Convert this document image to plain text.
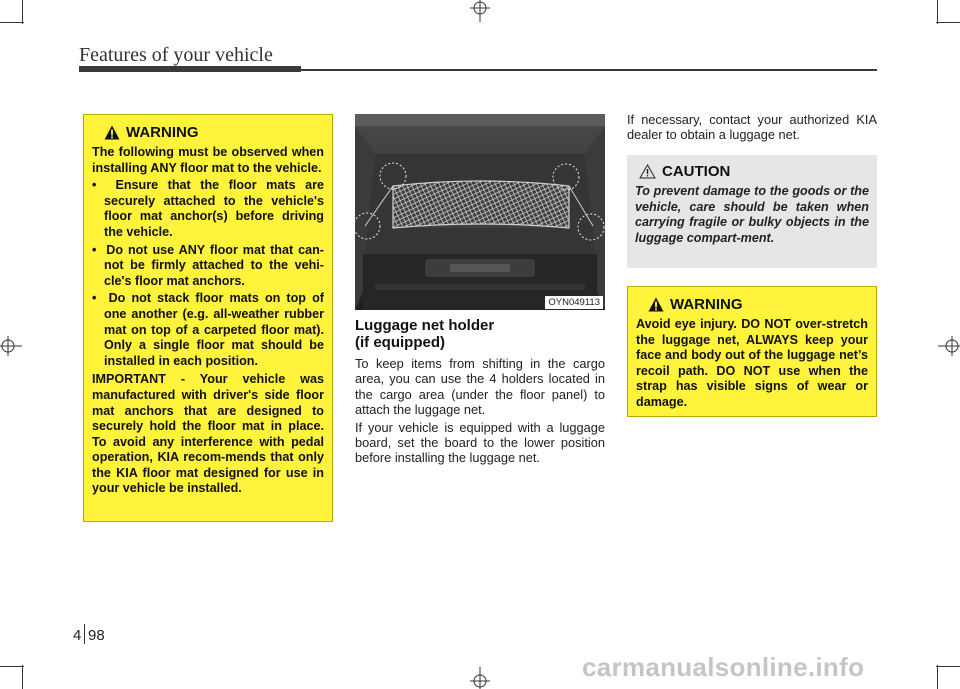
Features of your vehicle
WARNING
The following must be observed when installing ANY floor mat to the vehicle.
•  Ensure that the floor mats are securely attached to the vehicle's floor mat anchor(s) before driving the vehicle.
•  Do not use ANY floor mat that can-not be firmly attached to the vehi-cle's floor mat anchors.
•  Do not stack floor mats on top of one another (e.g. all-weather rubber mat on top of a carpeted floor mat). Only a single floor mat should be installed in each position.
IMPORTANT - Your vehicle was manufactured with driver's side floor mat anchors that are designed to securely hold the floor mat in place. To avoid any interference with pedal operation, KIA recom-mends that only the KIA floor mat designed for use in your vehicle be installed.
OYN049113
Luggage net holder
(if equipped)
To keep items from shifting in the cargo area, you can use the 4 holders located in the cargo area (under the floor panel) to attach the luggage net.
If your vehicle is equipped with a luggage board, set the board to the lower position before installing the luggage net.
If necessary, contact your authorized KIA dealer to obtain a luggage net.
CAUTION
To prevent damage to the goods or the vehicle, care should be taken when carrying fragile or bulky objects in the luggage compart-ment.
WARNING
Avoid eye injury. DO NOT over-stretch the luggage net, ALWAYS keep your face and body out of the luggage net’s recoil path. DO NOT use when the strap has visible signs of wear or damage.
4 98
carmanualsonline.info
